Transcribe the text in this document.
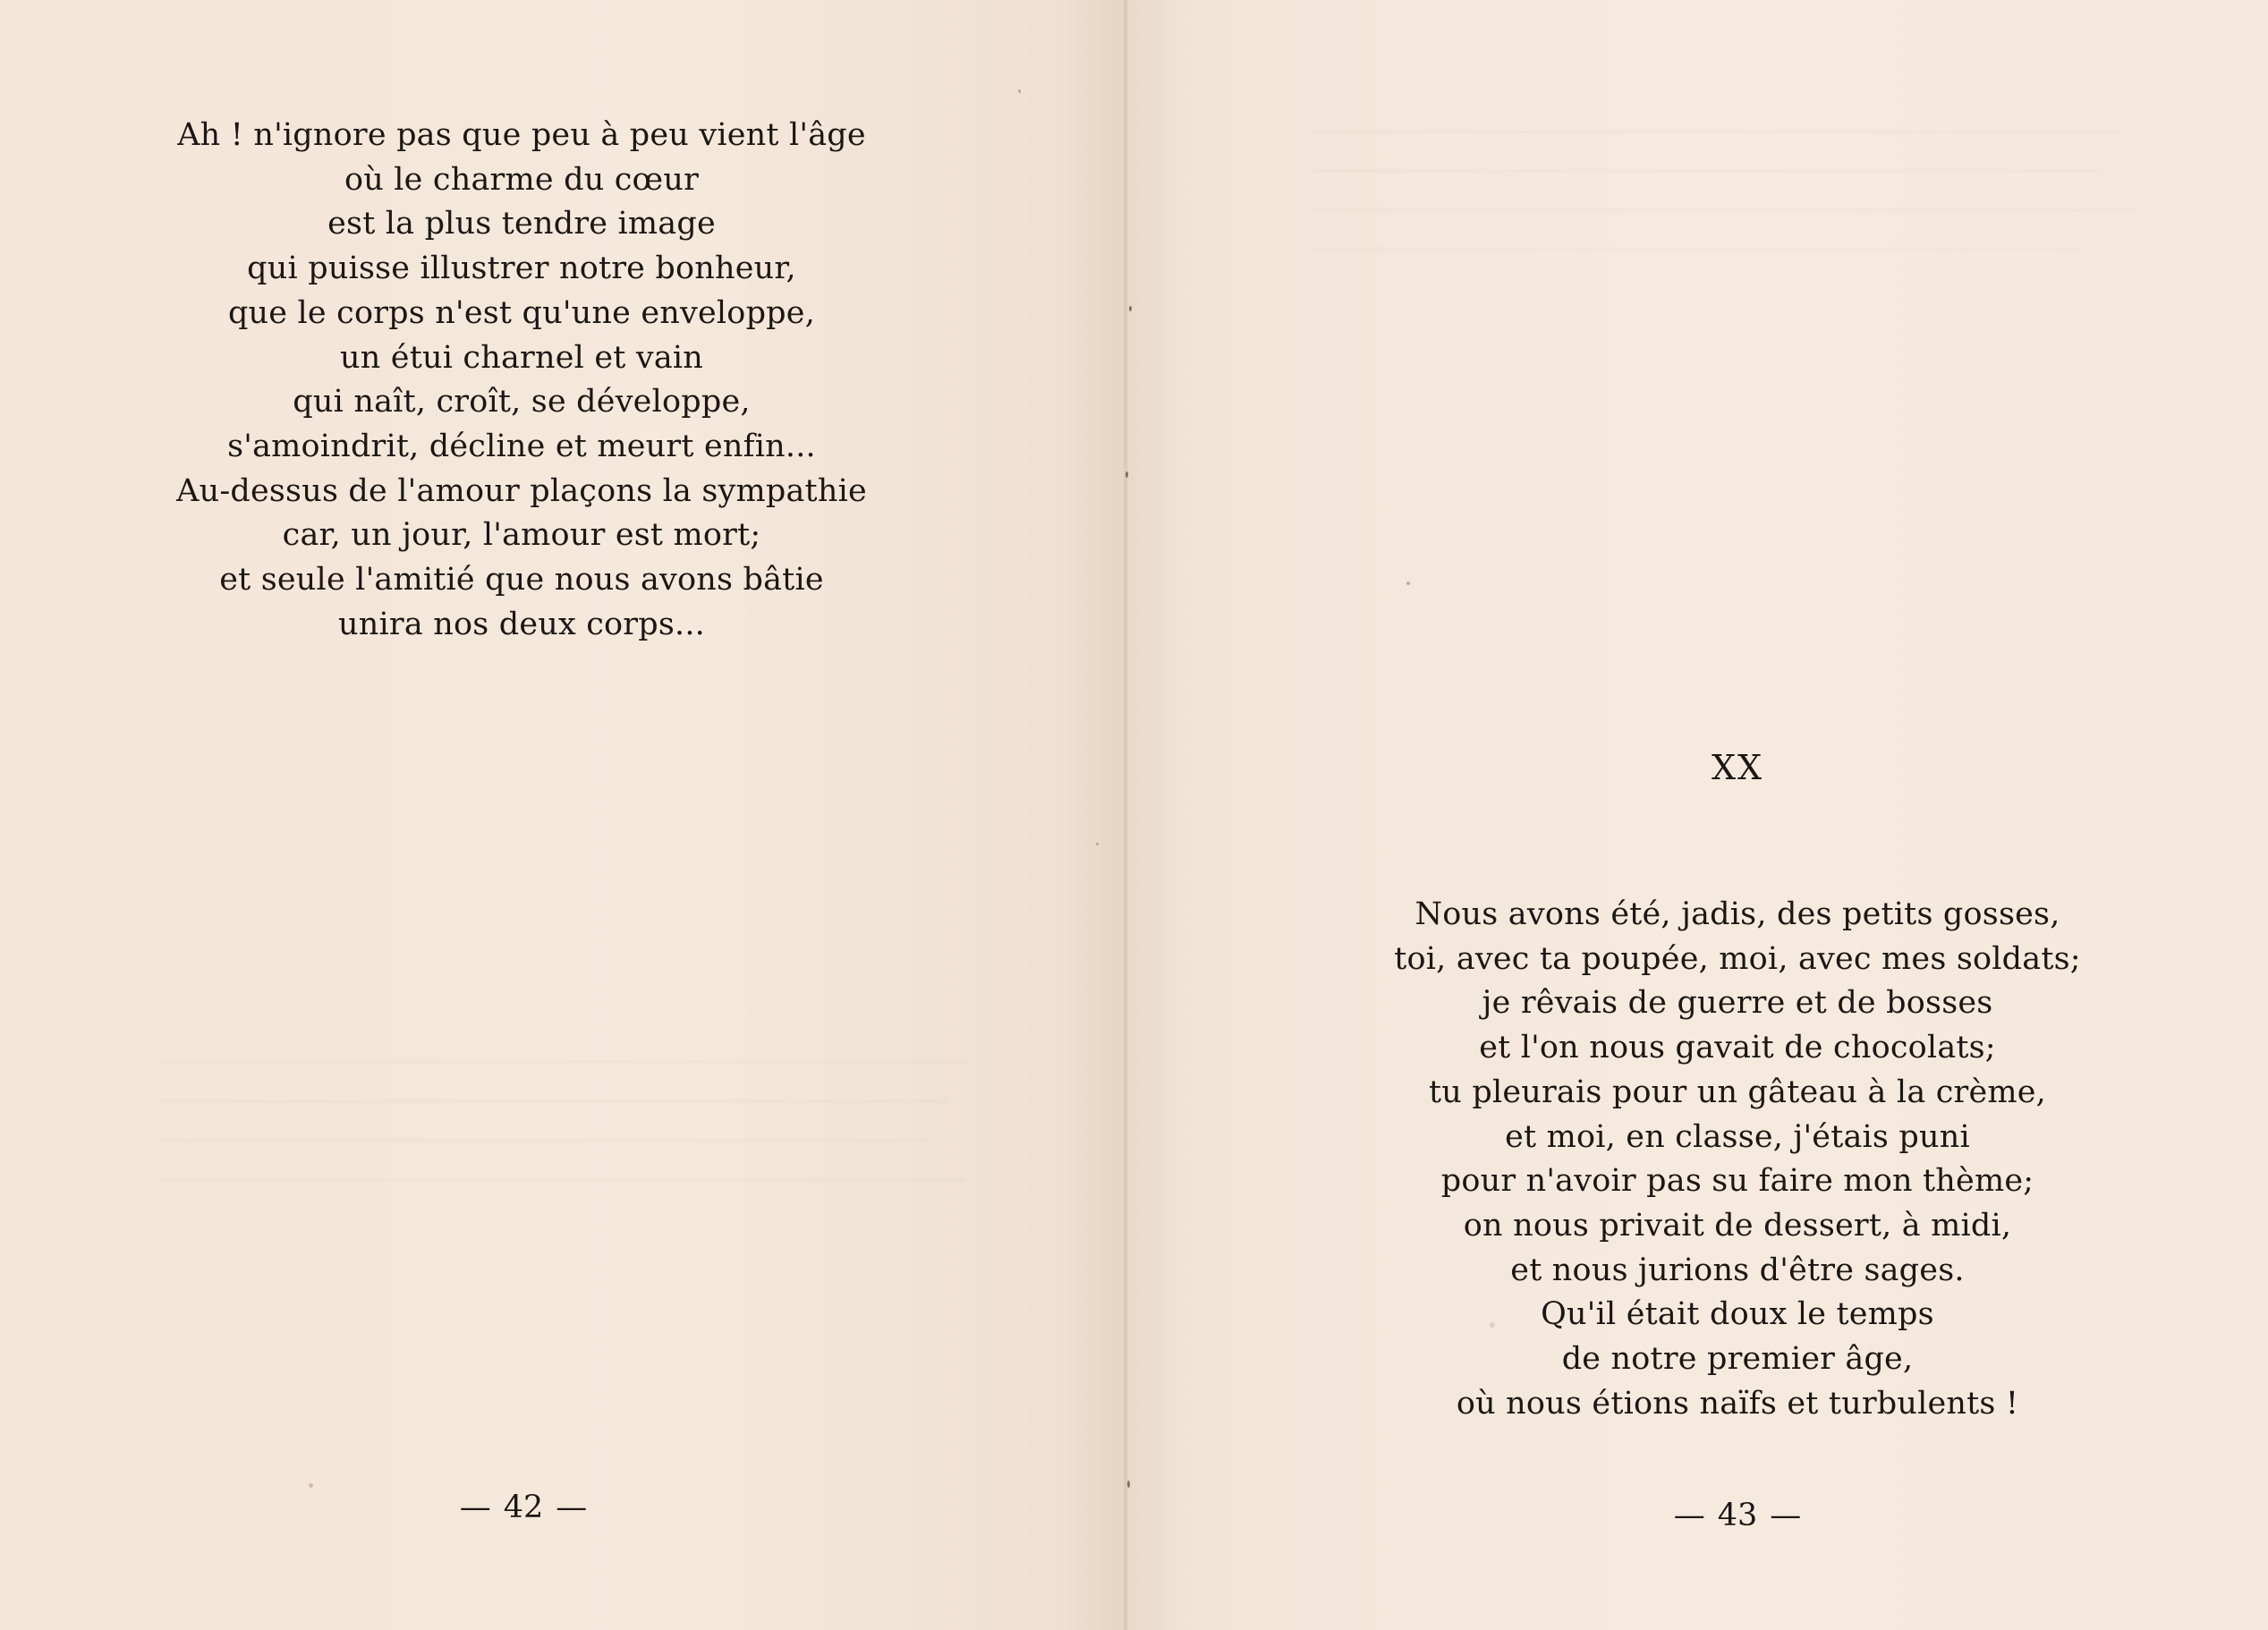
Ah ! n'ignore pas que peu à peu vient l'âge
où le charme du cœur
est la plus tendre image
qui puisse illustrer notre bonheur,
que le corps n'est qu'une enveloppe,
un étui charnel et vain
qui naît, croît, se développe,
s'amoindrit, décline et meurt enfin...
Au-dessus de l'amour plaçons la sympathie
car, un jour, l'amour est mort;
et seule l'amitié que nous avons bâtie
unira nos deux corps...
— 42 —
XX
Nous avons été, jadis, des petits gosses,
toi, avec ta poupée, moi, avec mes soldats;
je rêvais de guerre et de bosses
et l'on nous gavait de chocolats;
tu pleurais pour un gâteau à la crème,
et moi, en classe, j'étais puni
pour n'avoir pas su faire mon thème;
on nous privait de dessert, à midi,
et nous jurions d'être sages.
Qu'il était doux le temps
de notre premier âge,
où nous étions naïfs et turbulents !
— 43 —
